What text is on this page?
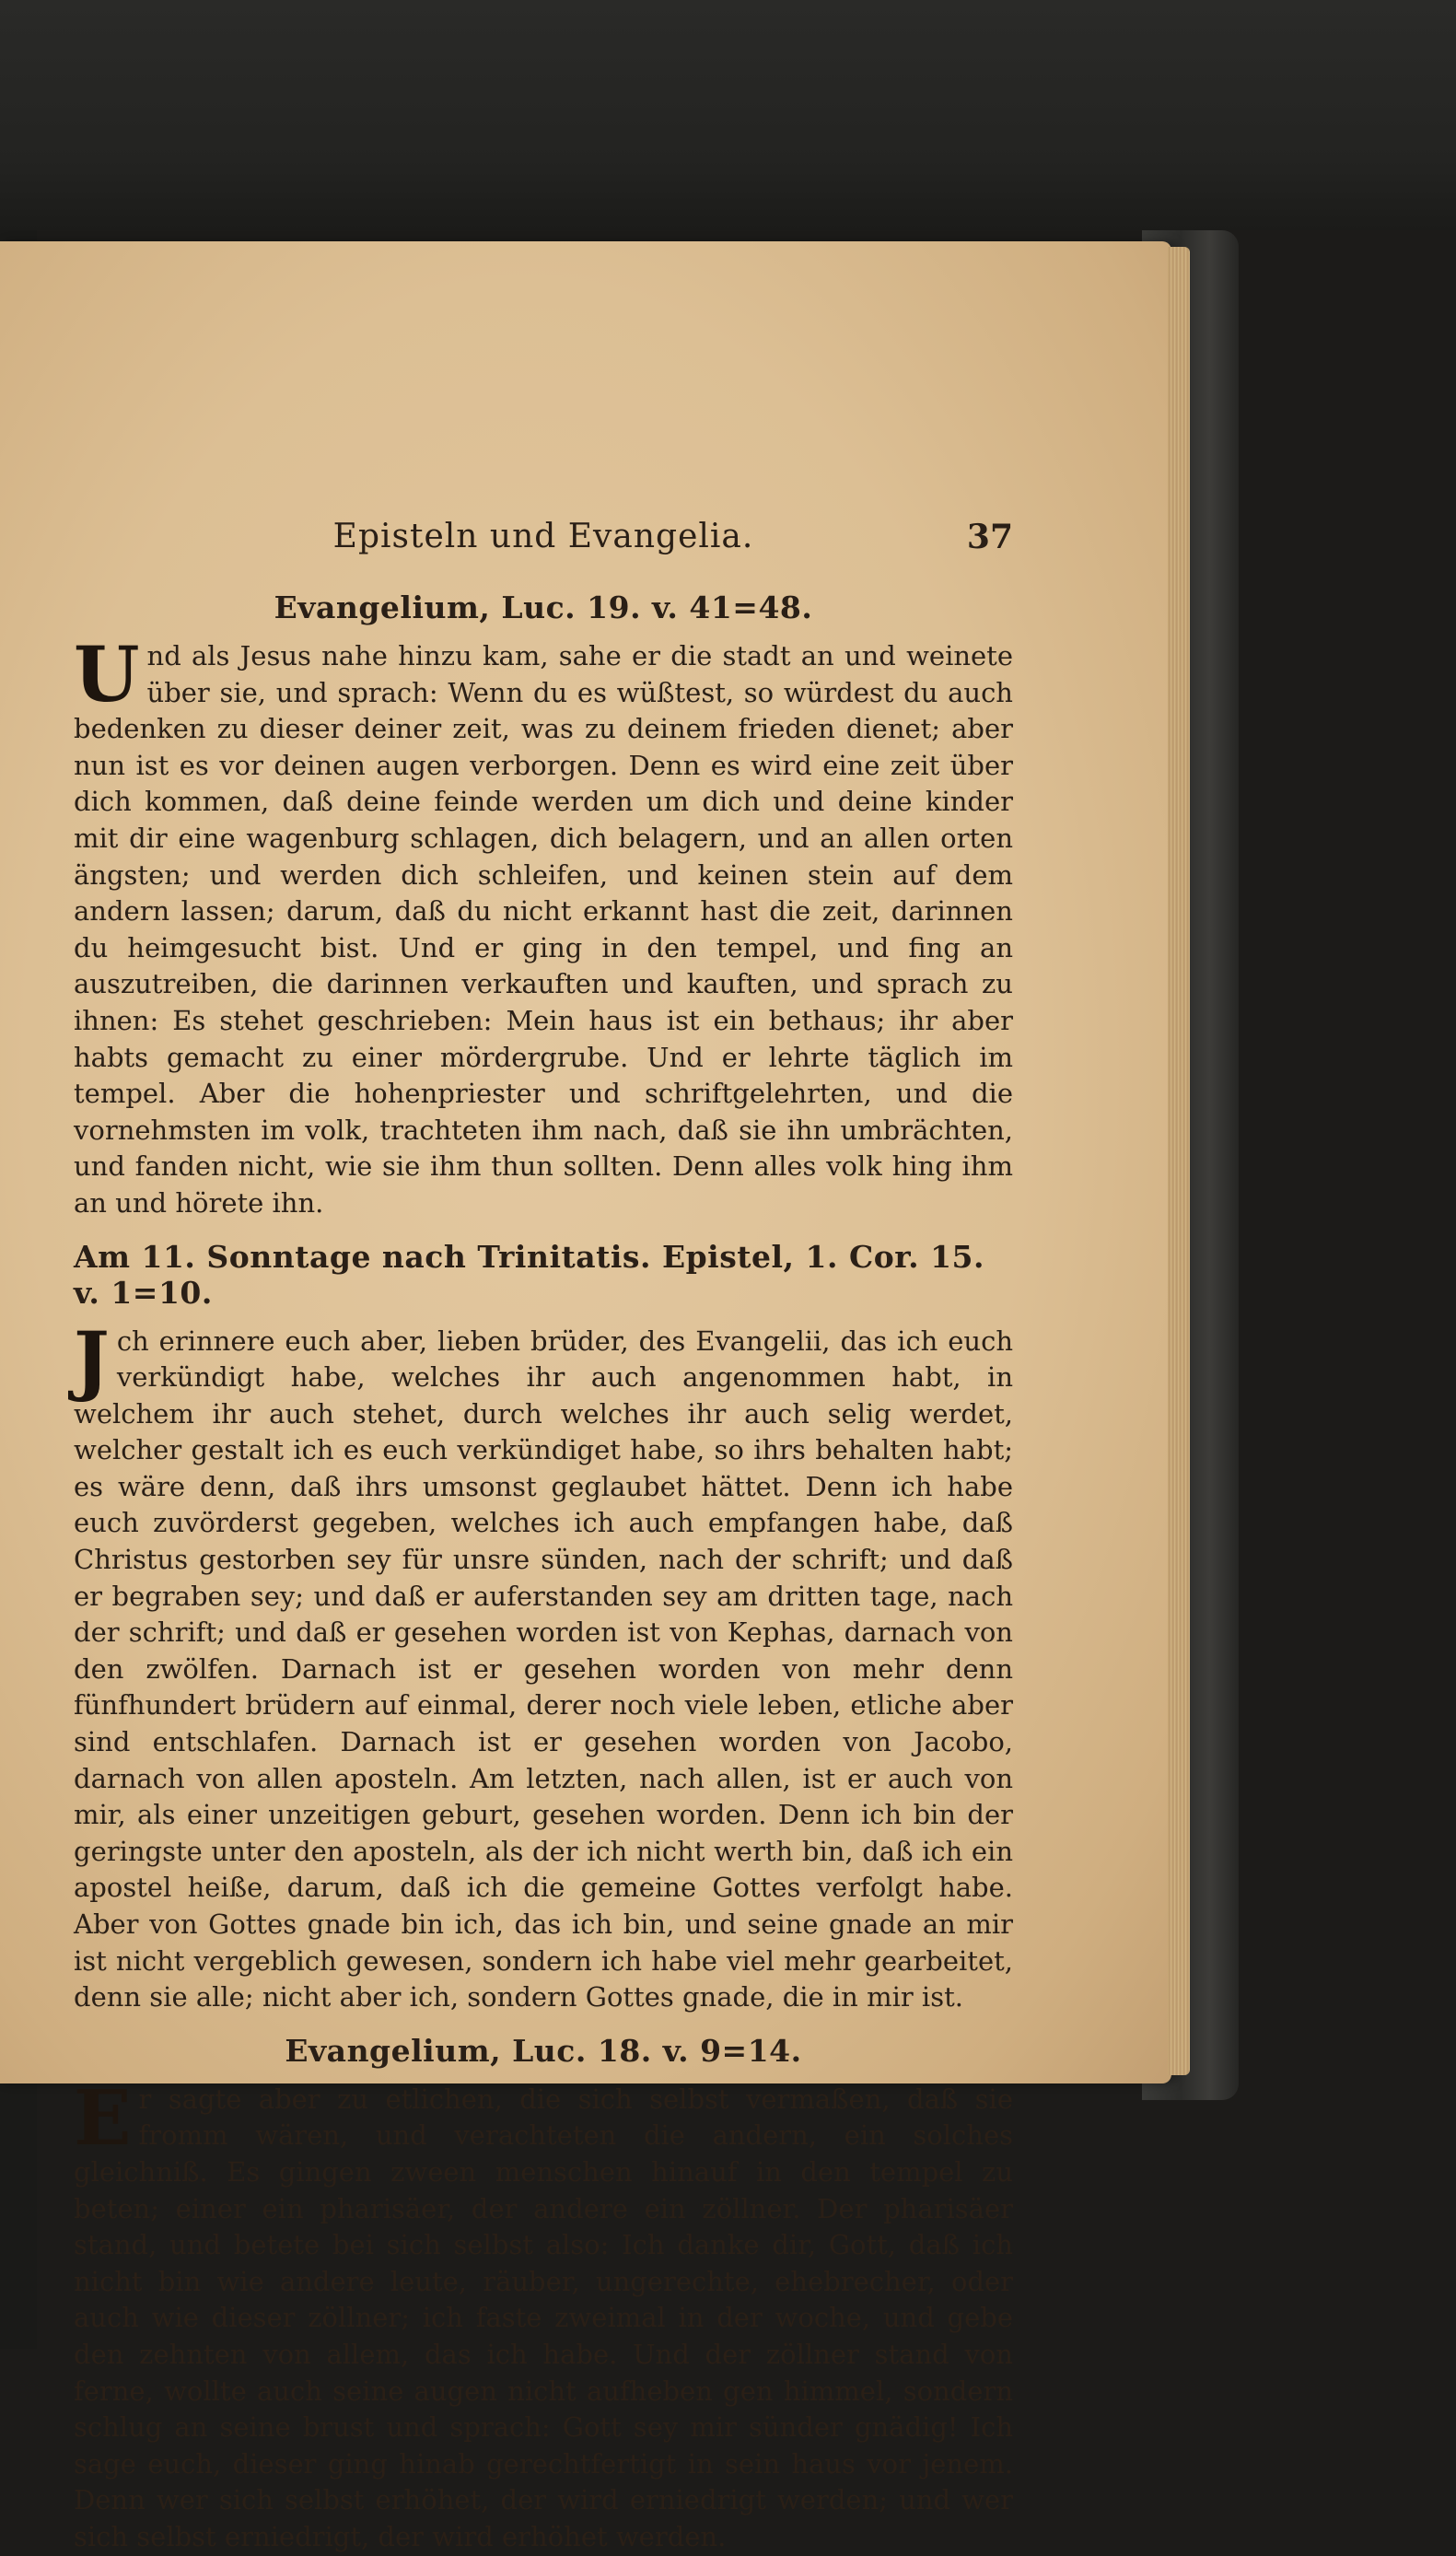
Episteln und Evangelia.	37
Evangelium, Luc. 19. v. 41=48.

Und als Jesus nahe hinzu kam, sahe er die stadt an und weinete über sie, und sprach: Wenn du es wüßtest, so würdest du auch bedenken zu dieser deiner zeit, was zu deinem frieden dienet; aber nun ist es vor deinen augen verborgen. Denn es wird eine zeit über dich kommen, daß deine feinde werden um dich und deine kinder mit dir eine wagenburg schlagen, dich belagern, und an allen orten ängsten; und werden dich schleifen, und keinen stein auf dem andern lassen; darum, daß du nicht erkannt hast die zeit, darinnen du heimgesucht bist. Und er ging in den tempel, und fing an auszutreiben, die darinnen verkauften und kauften, und sprach zu ihnen: Es stehet geschrieben: Mein haus ist ein bethaus; ihr aber habts gemacht zu einer mördergrube. Und er lehrte täglich im tempel. Aber die hohenpriester und schriftgelehrten, und die vornehmsten im volk, trachteten ihm nach, daß sie ihn umbrächten, und fanden nicht, wie sie ihm thun sollten. Denn alles volk hing ihm an und hörete ihn.

Am 11. Sonntage nach Trinitatis. Epistel, 1. Cor. 15. v. 1=10.

Jch erinnere euch aber, lieben brüder, des Evangelii, das ich euch verkündigt habe, welches ihr auch angenommen habt, in welchem ihr auch stehet, durch welches ihr auch selig werdet, welcher gestalt ich es euch verkündiget habe, so ihrs behalten habt; es wäre denn, daß ihrs umsonst geglaubet hättet. Denn ich habe euch zuvörderst gegeben, welches ich auch empfangen habe, daß Christus gestorben sey für unsre sünden, nach der schrift; und daß er begraben sey; und daß er auferstanden sey am dritten tage, nach der schrift; und daß er gesehen worden ist von Kephas, darnach von den zwölfen. Darnach ist er gesehen worden von mehr denn fünfhundert brüdern auf einmal, derer noch viele leben, etliche aber sind entschlafen. Darnach ist er gesehen worden von Jacobo, darnach von allen aposteln. Am letzten, nach allen, ist er auch von mir, als einer unzeitigen geburt, gesehen worden. Denn ich bin der geringste unter den aposteln, als der ich nicht werth bin, daß ich ein apostel heiße, darum, daß ich die gemeine Gottes verfolgt habe. Aber von Gottes gnade bin ich, das ich bin, und seine gnade an mir ist nicht vergeblich gewesen, sondern ich habe viel mehr gearbeitet, denn sie alle; nicht aber ich, sondern Gottes gnade, die in mir ist.

Evangelium, Luc. 18. v. 9=14.

Er sagte aber zu etlichen, die sich selbst vermaßen, daß sie fromm wären, und verachteten die andern, ein solches gleichniß. Es gingen zween menschen hinauf in den tempel zu beten; einer ein pharisäer, der andere ein zöllner. Der pharisäer stand, und betete bei sich selbst also: Ich danke dir, Gott, daß ich nicht bin wie andere leute, räuber, ungerechte, ehebrecher, oder auch wie dieser zöllner; ich faste zweimal in der woche, und gebe den zehnten von allem, das ich habe. Und der zöllner stand von ferne, wollte auch seine augen nicht aufheben gen himmel, sondern schlug an seine brust und sprach: Gott sey mir sünder gnädig! Ich sage euch, dieser ging hinab gerechtfertigt in sein haus vor jenem. Denn wer sich selbst erhöhet, der wird erniedrigt werden; und wer sich selbst erniedrigt, der wird erhöhet werden.
